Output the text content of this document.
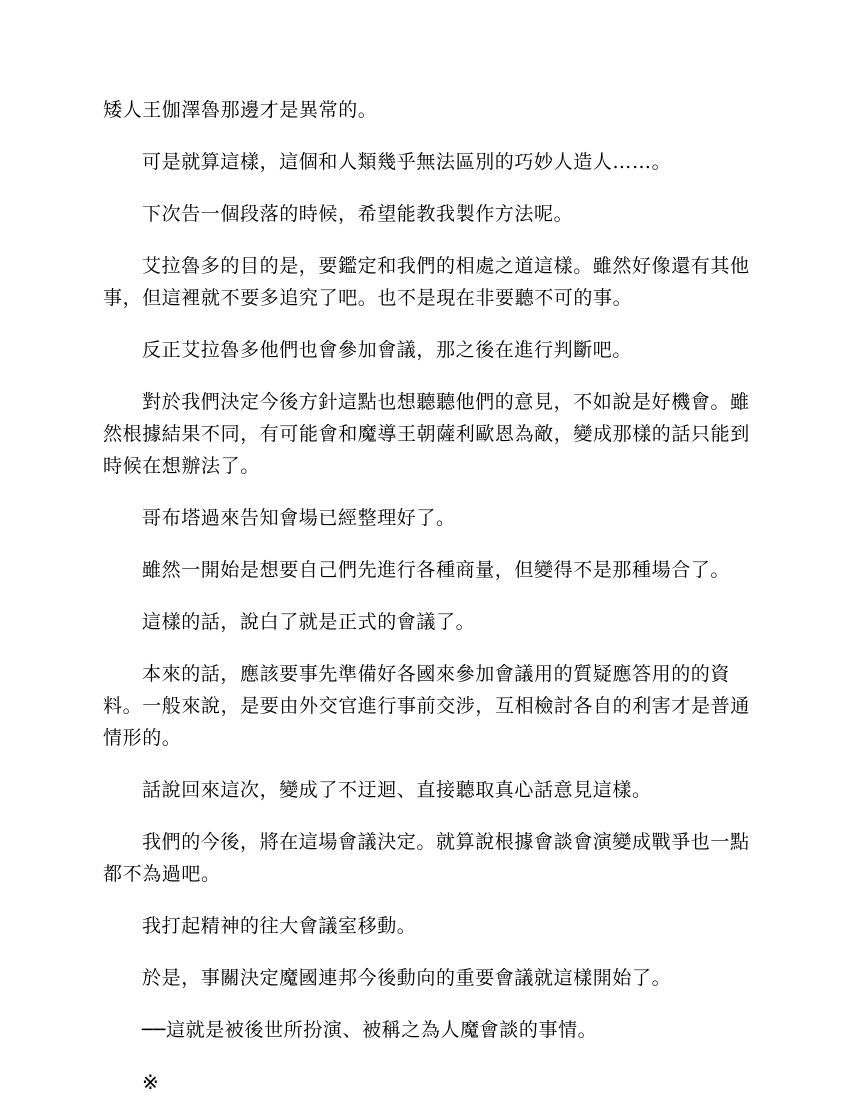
矮人王伽澤魯那邊才是異常的。

可是就算這樣，這個和人類幾乎無法區別的巧妙人造人……。

下次告一個段落的時候，希望能教我製作方法呢。

艾拉魯多的目的是，要鑑定和我們的相處之道這樣。雖然好像還有其他事，但這裡就不要多追究了吧。也不是現在非要聽不可的事。

反正艾拉魯多他們也會參加會議，那之後在進行判斷吧。

對於我們決定今後方針這點也想聽聽他們的意見，不如說是好機會。雖然根據結果不同，有可能會和魔導王朝薩利歐恩為敵，變成那樣的話只能到時候在想辦法了。

哥布塔過來告知會場已經整理好了。

雖然一開始是想要自己們先進行各種商量，但變得不是那種場合了。

這樣的話，說白了就是正式的會議了。

本來的話，應該要事先準備好各國來參加會議用的質疑應答用的的資料。一般來說，是要由外交官進行事前交涉，互相檢討各自的利害才是普通情形的。

話說回來這次，變成了不迂迴、直接聽取真心話意見這樣。

我們的今後，將在這場會議決定。就算說根據會談會演變成戰爭也一點都不為過吧。

我打起精神的往大會議室移動。

於是，事關決定魔國連邦今後動向的重要會議就這樣開始了。

──這就是被後世所扮演、被稱之為人魔會談的事情。

※
